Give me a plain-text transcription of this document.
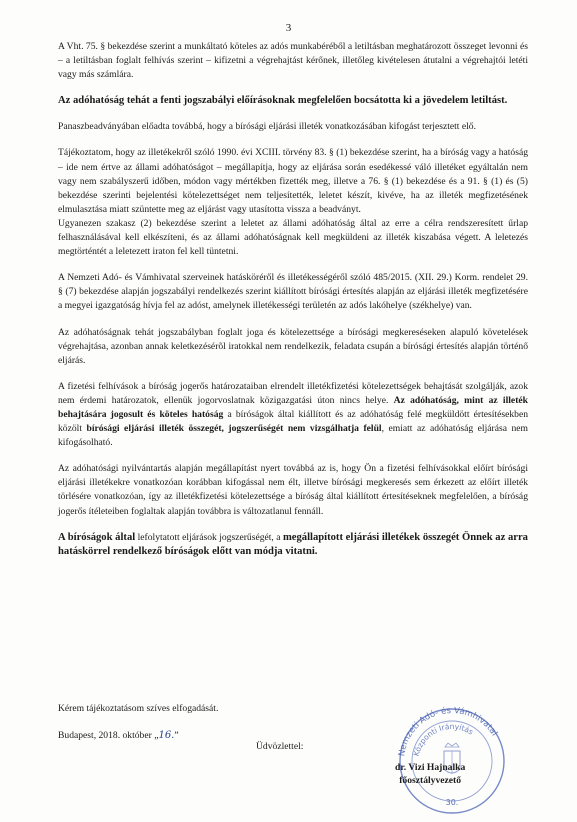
3

A Vht. 75. § bekezdése szerint a munkáltató köteles az adós munkabéréből a letiltásban meghatározott összeget levonni és – a letiltásban foglalt felhívás szerint – kifizetni a végrehajtást kérőnek, illetőleg kivételesen átutalni a végrehajtói letéti vagy más számlára.

Az adóhatóság tehát a fenti jogszabályi előírásoknak megfelelően bocsátotta ki a jövedelem letiltást.

Panaszbeadványában előadta továbbá, hogy a bírósági eljárási illeték vonatkozásában kifogást terjesztett elő.

Tájékoztatom, hogy az illetékekről szóló 1990. évi XCIII. törvény 83. § (1) bekezdése szerint, ha a bíróság vagy a hatóság – ide nem értve az állami adóhatóságot – megállapítja, hogy az eljárása során esedékessé váló illetéket egyáltalán nem vagy nem szabályszerű időben, módon vagy mértékben fizették meg, illetve a 76. § (1) bekezdése és a 91. § (1) és (5) bekezdése szerinti bejelentési kötelezettséget nem teljesítették, leletet készít, kivéve, ha az illeték megfizetésének elmulasztása miatt szüntette meg az eljárást vagy utasította vissza a beadványt.

Ugyanezen szakasz (2) bekezdése szerint a leletet az állami adóhatóság által az erre a célra rendszeresített űrlap felhasználásával kell elkészíteni, és az állami adóhatóságnak kell megküldeni az illeték kiszabása végett. A leletezés megtörténtét a leletezett iraton fel kell tüntetni.

A Nemzeti Adó- és Vámhivatal szerveinek hatásköréről és illetékességéről szóló 485/2015. (XII. 29.) Korm. rendelet 29. § (7) bekezdése alapján jogszabályi rendelkezés szerint kiállított bírósági értesítés alapján az eljárási illeték megfizetésére a megyei igazgatóság hívja fel az adóst, amelynek illetékességi területén az adós lakóhelye (székhelye) van.

Az adóhatóságnak tehát jogszabályban foglalt joga és kötelezettsége a bírósági megkereséseken alapuló követelések végrehajtása, azonban annak keletkezésérõl iratokkal nem rendelkezik, feladata csupán a bírósági értesítés alapján történő eljárás.

A fizetési felhívások a bíróság jogerős határozataiban elrendelt illetékfizetési kötelezettségek behajtását szolgálják, azok nem érdemi határozatok, ellenük jogorvoslatnak közigazgatási úton nincs helye. Az adóhatóság, mint az illeték behajtására jogosult és köteles hatóság a bíróságok által kiállított és az adóhatóság felé megküldött értesítésekben közölt bírósági eljárási illeték összegét, jogszerűségét nem vizsgálhatja felül, emiatt az adóhatóság eljárása nem kifogásolható.

Az adóhatósági nyilvántartás alapján megállapítást nyert továbbá az is, hogy Ön a fizetési felhívásokkal előírt bírósági eljárási illetékekre vonatkozóan korábban kifogással nem élt, illetve bírósági megkeresés sem érkezett az előírt illeték törlésére vonatkozóan, így az illetékfizetési kötelezettsége a bíróság által kiállított értesítéseknek megfelelően, a bíróság jogerős ítéleteiben foglaltak alapján továbbra is változatlanul fennáll.

A bíróságok által lefolytatott eljárások jogszerűségét, a megállapított eljárási illetékek összegét Önnek az arra hatáskörrel rendelkező bíróságok előtt van módja vitatni.

Kérem tájékoztatásom szíves elfogadását.
Budapest, 2018. október „16.”
Üdvözlettel:
Nemzeti Adó- és Vámhivatal
Központi Irányítás
30.
dr. Vizi Hajnalka
főosztályvezető
